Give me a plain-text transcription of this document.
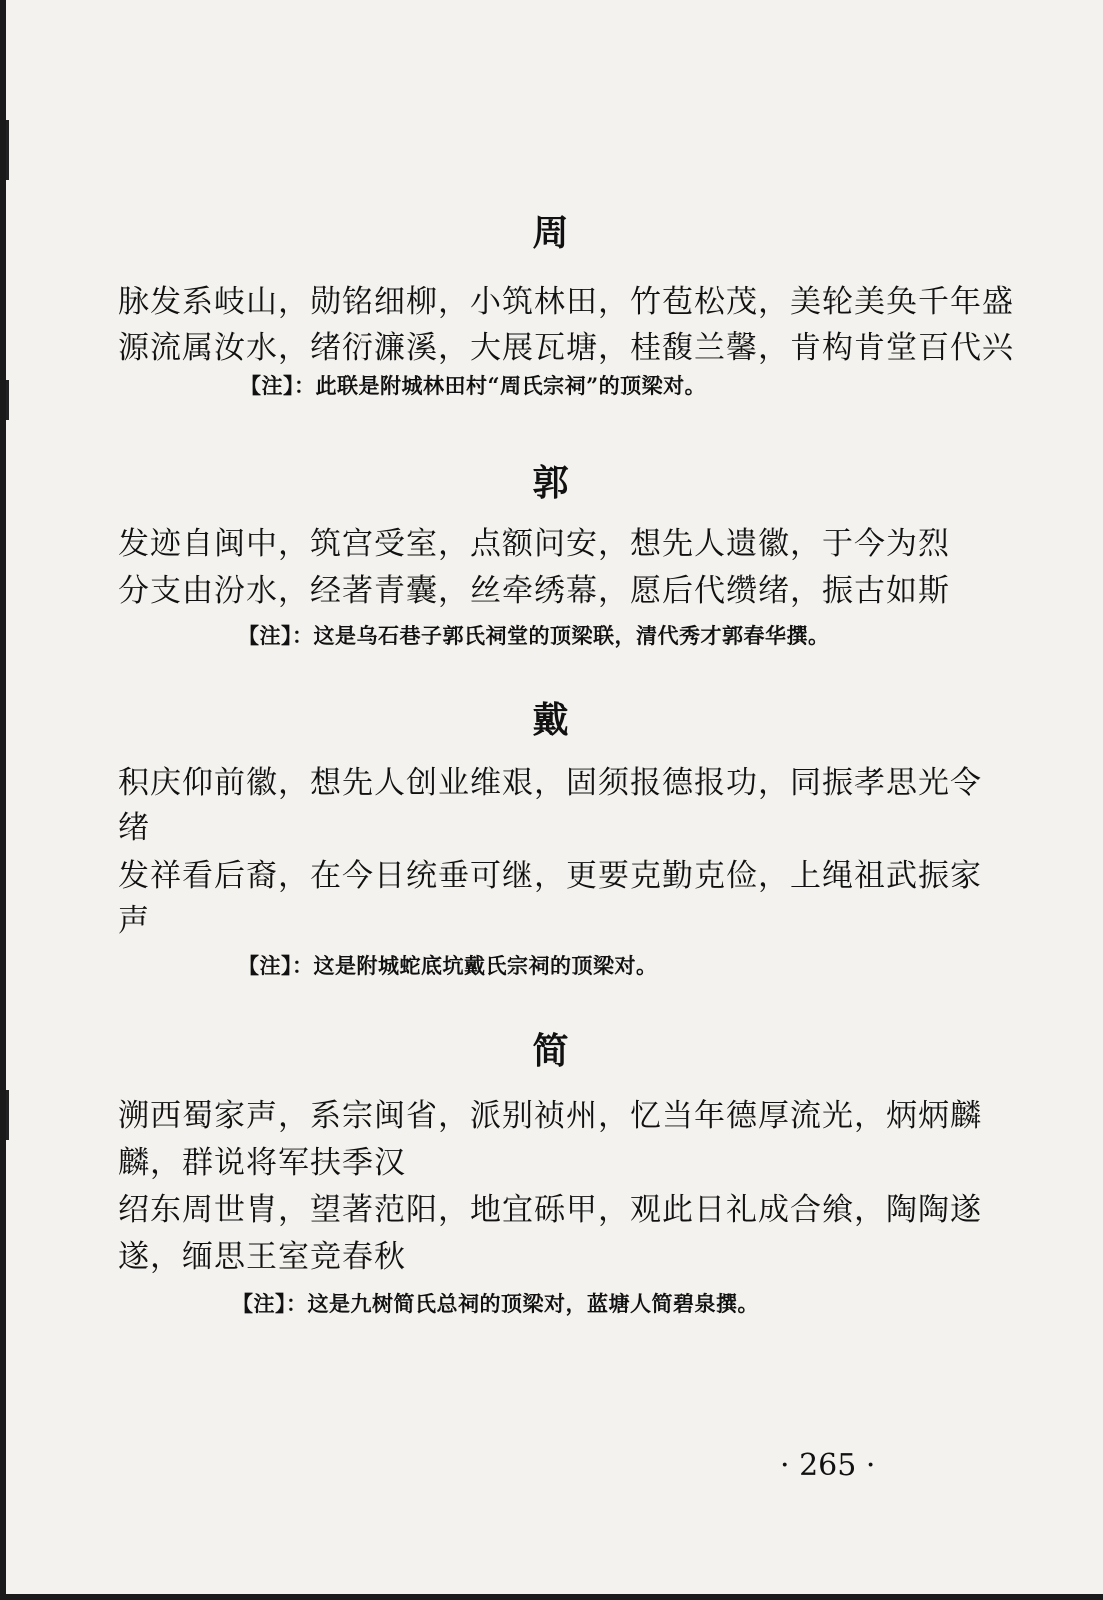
周
脉发系岐山，勋铭细柳，小筑林田，竹苞松茂，美轮美奂千年盛
源流属汝水，绪衍濂溪，大展瓦塘，桂馥兰馨，肯构肯堂百代兴
【注】：此联是附城林田村“周氏宗祠”的顶梁对。
郭
发迹自闽中，筑宫受室，点额问安，想先人遗徽，于今为烈
分支由汾水，经著青囊，丝牵绣幕，愿后代缵绪，振古如斯
【注】：这是乌石巷子郭氏祠堂的顶梁联，清代秀才郭春华撰。
戴
积庆仰前徽，想先人创业维艰，固须报德报功，同振孝思光令
绪
发祥看后裔，在今日统垂可继，更要克勤克俭，上绳祖武振家
声
【注】：这是附城蛇底坑戴氏宗祠的顶梁对。
简
溯西蜀家声，系宗闽省，派别祯州，忆当年德厚流光，炳炳麟
麟，群说将军扶季汉
绍东周世胄，望著范阳，地宜砾甲，观此日礼成合飨，陶陶遂
遂，缅思王室竞春秋
【注】：这是九树简氏总祠的顶梁对，蓝塘人简碧泉撰。
· 265 ·
